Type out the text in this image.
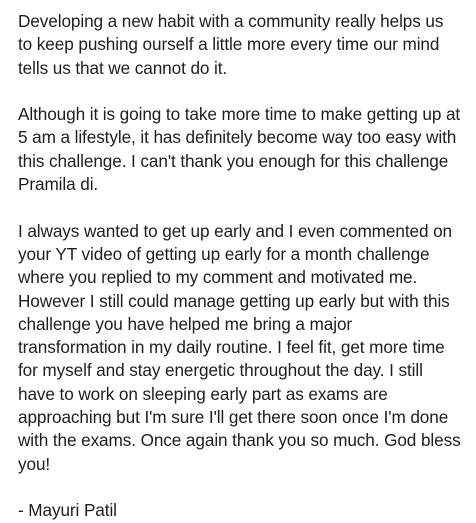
Developing a new habit with a community really helps us to keep pushing ourself a little more every time our mind tells us that we cannot do it.

Although it is going to take more time to make getting up at 5 am a lifestyle, it has definitely become way too easy with this challenge. I can't thank you enough for this challenge Pramila di.

I always wanted to get up early and I even commented on your YT video of getting up early for a month challenge where you replied to my comment and motivated me. However I still could manage getting up early but with this challenge you have helped me bring a major transformation in my daily routine. I feel fit, get more time for myself and stay energetic throughout the day. I still have to work on sleeping early part as exams are approaching but I'm sure I'll get there soon once I'm done with the exams. Once again thank you so much. God bless you!

- Mayuri Patil
